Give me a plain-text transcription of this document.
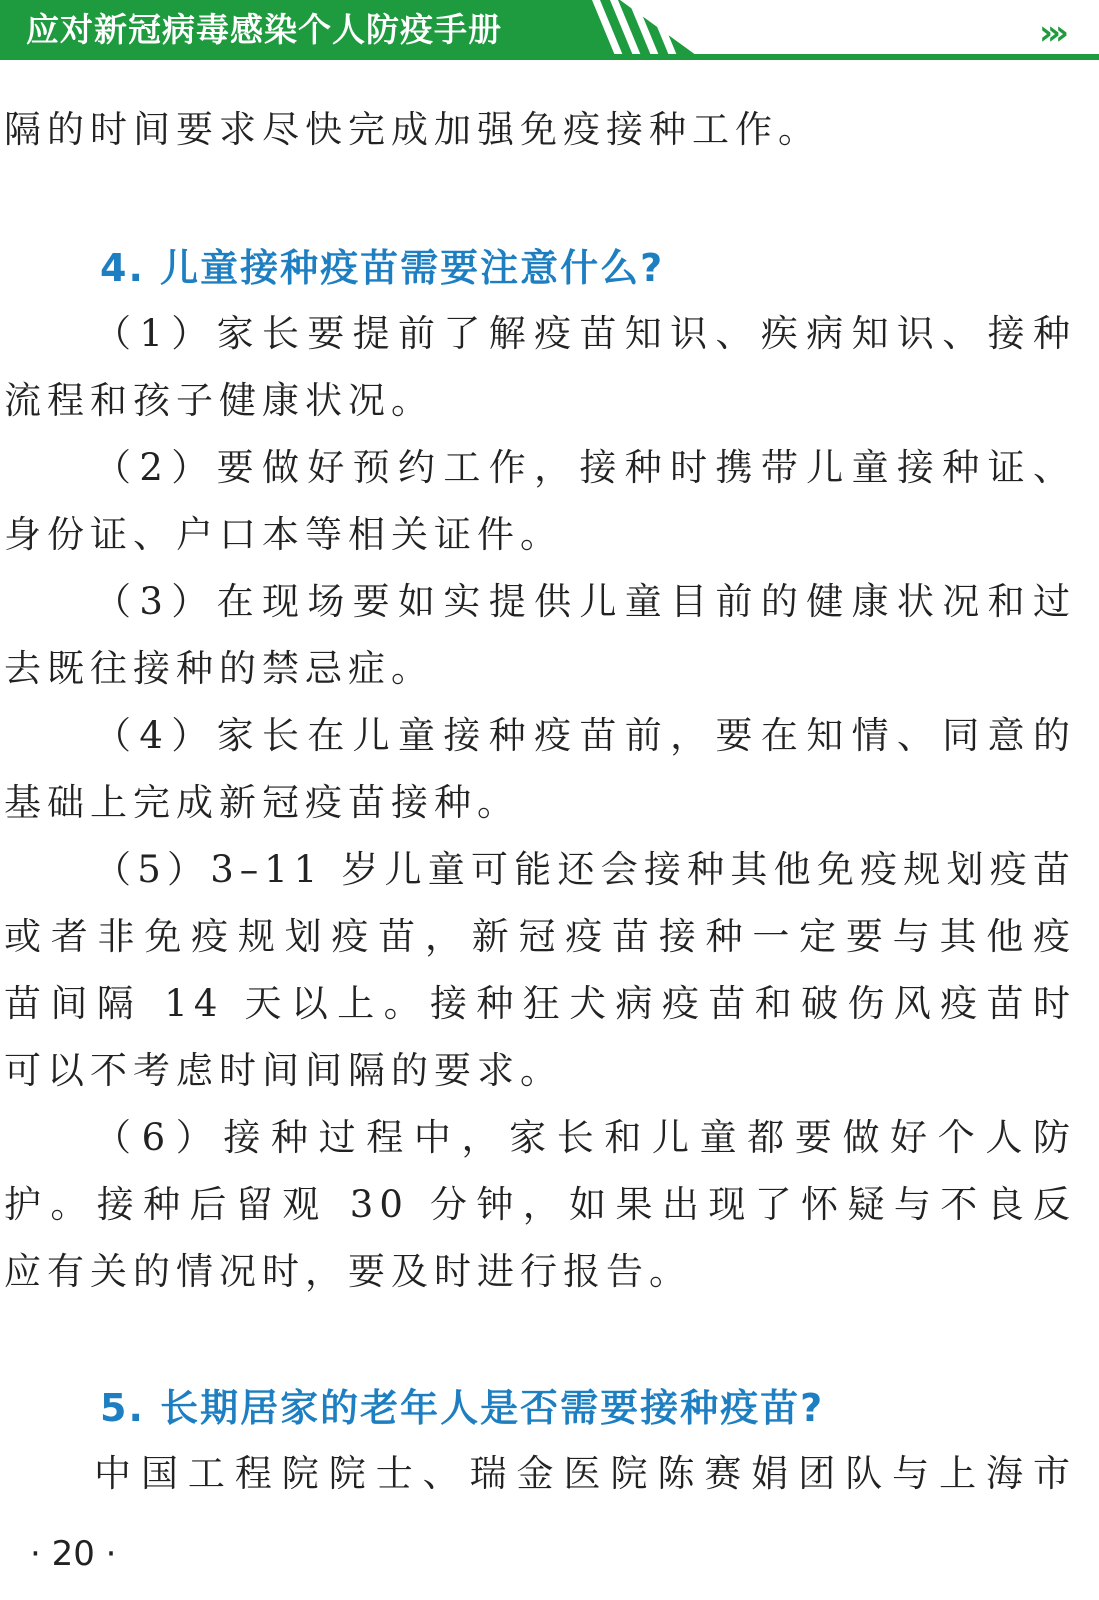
应对新冠病毒感染个人防疫手册	›››
隔的时间要求尽快完成加强免疫接种工作。
4. 儿童接种疫苗需要注意什么?
（1）家长要提前了解疫苗知识、疾病知识、接种
流程和孩子健康状况。
（2）要做好预约工作，接种时携带儿童接种证、
身份证、户口本等相关证件。
（3）在现场要如实提供儿童目前的健康状况和过
去既往接种的禁忌症。
（4）家长在儿童接种疫苗前，要在知情、同意的
基础上完成新冠疫苗接种。
（5）3–11 岁儿童可能还会接种其他免疫规划疫苗
或者非免疫规划疫苗，新冠疫苗接种一定要与其他疫
苗间隔 14 天以上。接种狂犬病疫苗和破伤风疫苗时
可以不考虑时间间隔的要求。
（6）接种过程中，家长和儿童都要做好个人防
护。接种后留观 30 分钟，如果出现了怀疑与不良反
应有关的情况时，要及时进行报告。
5. 长期居家的老年人是否需要接种疫苗?
中国工程院院士、瑞金医院陈赛娟团队与上海市
· 20 ·
